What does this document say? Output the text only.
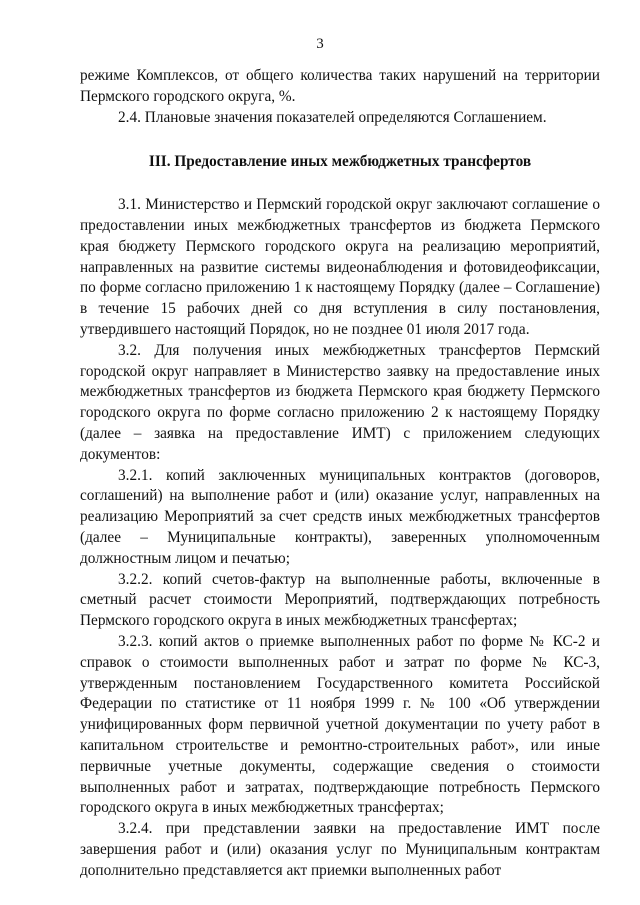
3

режиме Комплексов, от общего количества таких нарушений на территории Пермского городского округа, %.

2.4. Плановые значения показателей определяются Соглашением.

III. Предоставление иных межбюджетных трансфертов

3.1. Министерство и Пермский городской округ заключают соглашение о предоставлении иных межбюджетных трансфертов из бюджета Пермского края бюджету Пермского городского округа на реализацию мероприятий, направленных на развитие системы видеонаблюдения и фотовидеофиксации, по форме согласно приложению 1 к настоящему Порядку (далее – Соглашение) в течение 15 рабочих дней со дня вступления в силу постановления, утвердившего настоящий Порядок, но не позднее 01 июля 2017 года.

3.2. Для получения иных межбюджетных трансфертов Пермский городской округ направляет в Министерство заявку на предоставление иных межбюджетных трансфертов из бюджета Пермского края бюджету Пермского городского округа по форме согласно приложению 2 к настоящему Порядку (далее – заявка на предоставление ИМТ) с приложением следующих документов:

3.2.1. копий заключенных муниципальных контрактов (договоров, соглашений) на выполнение работ и (или) оказание услуг, направленных на реализацию Мероприятий за счет средств иных межбюджетных трансфертов (далее – Муниципальные контракты), заверенных уполномоченным должностным лицом и печатью;

3.2.2. копий счетов-фактур на выполненные работы, включенные в сметный расчет стоимости Мероприятий, подтверждающих потребность Пермского городского округа в иных межбюджетных трансфертах;

3.2.3. копий актов о приемке выполненных работ по форме № КС-2 и справок о стоимости выполненных работ и затрат по форме № КС-3, утвержденным постановлением Государственного комитета Российской Федерации по статистике от 11 ноября 1999 г. № 100 «Об утверждении унифицированных форм первичной учетной документации по учету работ в капитальном строительстве и ремонтно-строительных работ», или иные первичные учетные документы, содержащие сведения о стоимости выполненных работ и затратах, подтверждающие потребность Пермского городского округа в иных межбюджетных трансфертах;

3.2.4. при представлении заявки на предоставление ИМТ после завершения работ и (или) оказания услуг по Муниципальным контрактам дополнительно представляется акт приемки выполненных работ
